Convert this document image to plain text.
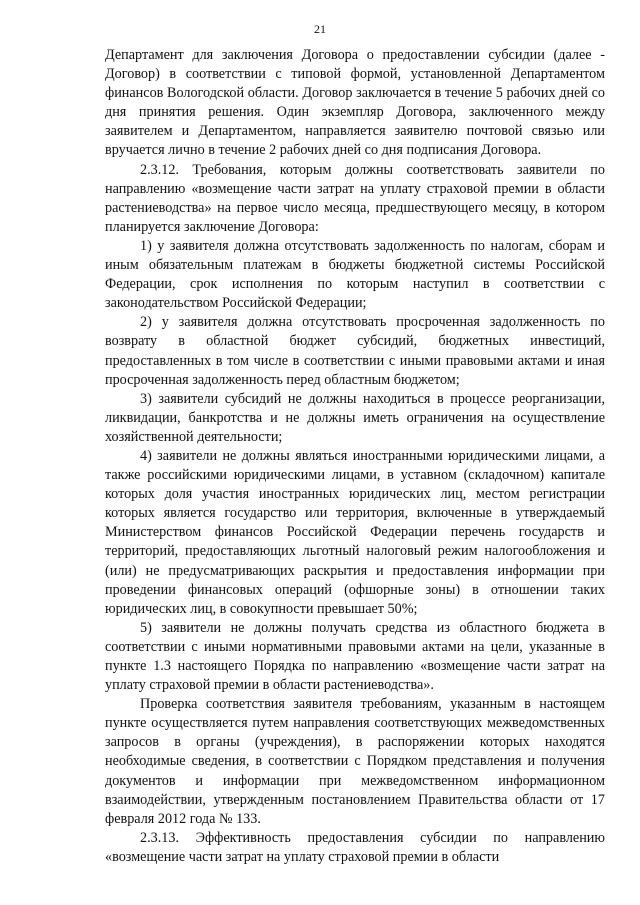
21

Департамент для заключения Договора о предоставлении субсидии (далее - Договор) в соответствии с типовой формой, установленной Департаментом финансов Вологодской области. Договор заключается в течение 5 рабочих дней со дня принятия решения. Один экземпляр Договора, заключенного между заявителем и Департаментом, направляется заявителю почтовой связью или вручается лично в течение 2 рабочих дней со дня подписания Договора.

2.3.12. Требования, которым должны соответствовать заявители по направлению «возмещение части затрат на уплату страховой премии в области растениеводства» на первое число месяца, предшествующего месяцу, в котором планируется заключение Договора:

1) у заявителя должна отсутствовать задолженность по налогам, сборам и иным обязательным платежам в бюджеты бюджетной системы Российской Федерации, срок исполнения по которым наступил в соответствии с законодательством Российской Федерации;

2) у заявителя должна отсутствовать просроченная задолженность по возврату в областной бюджет субсидий, бюджетных инвестиций, предоставленных в том числе в соответствии с иными правовыми актами и иная просроченная задолженность перед областным бюджетом;

3) заявители субсидий не должны находиться в процессе реорганизации, ликвидации, банкротства и не должны иметь ограничения на осуществление хозяйственной деятельности;

4) заявители не должны являться иностранными юридическими лицами, а также российскими юридическими лицами, в уставном (складочном) капитале которых доля участия иностранных юридических лиц, местом регистрации которых является государство или территория, включенные в утверждаемый Министерством финансов Российской Федерации перечень государств и территорий, предоставляющих льготный налоговый режим налогообложения и (или) не предусматривающих раскрытия и предоставления информации при проведении финансовых операций (офшорные зоны) в отношении таких юридических лиц, в совокупности превышает 50%;

5) заявители не должны получать средства из областного бюджета в соответствии с иными нормативными правовыми актами на цели, указанные в пункте 1.3 настоящего Порядка по направлению «возмещение части затрат на уплату страховой премии в области растениеводства».

Проверка соответствия заявителя требованиям, указанным в настоящем пункте осуществляется путем направления соответствующих межведомственных запросов в органы (учреждения), в распоряжении которых находятся необходимые сведения, в соответствии с Порядком представления и получения документов и информации при межведомственном информационном взаимодействии, утвержденным постановлением Правительства области от 17 февраля 2012 года № 133.

2.3.13. Эффективность предоставления субсидии по направлению «возмещение части затрат на уплату страховой премии в области
